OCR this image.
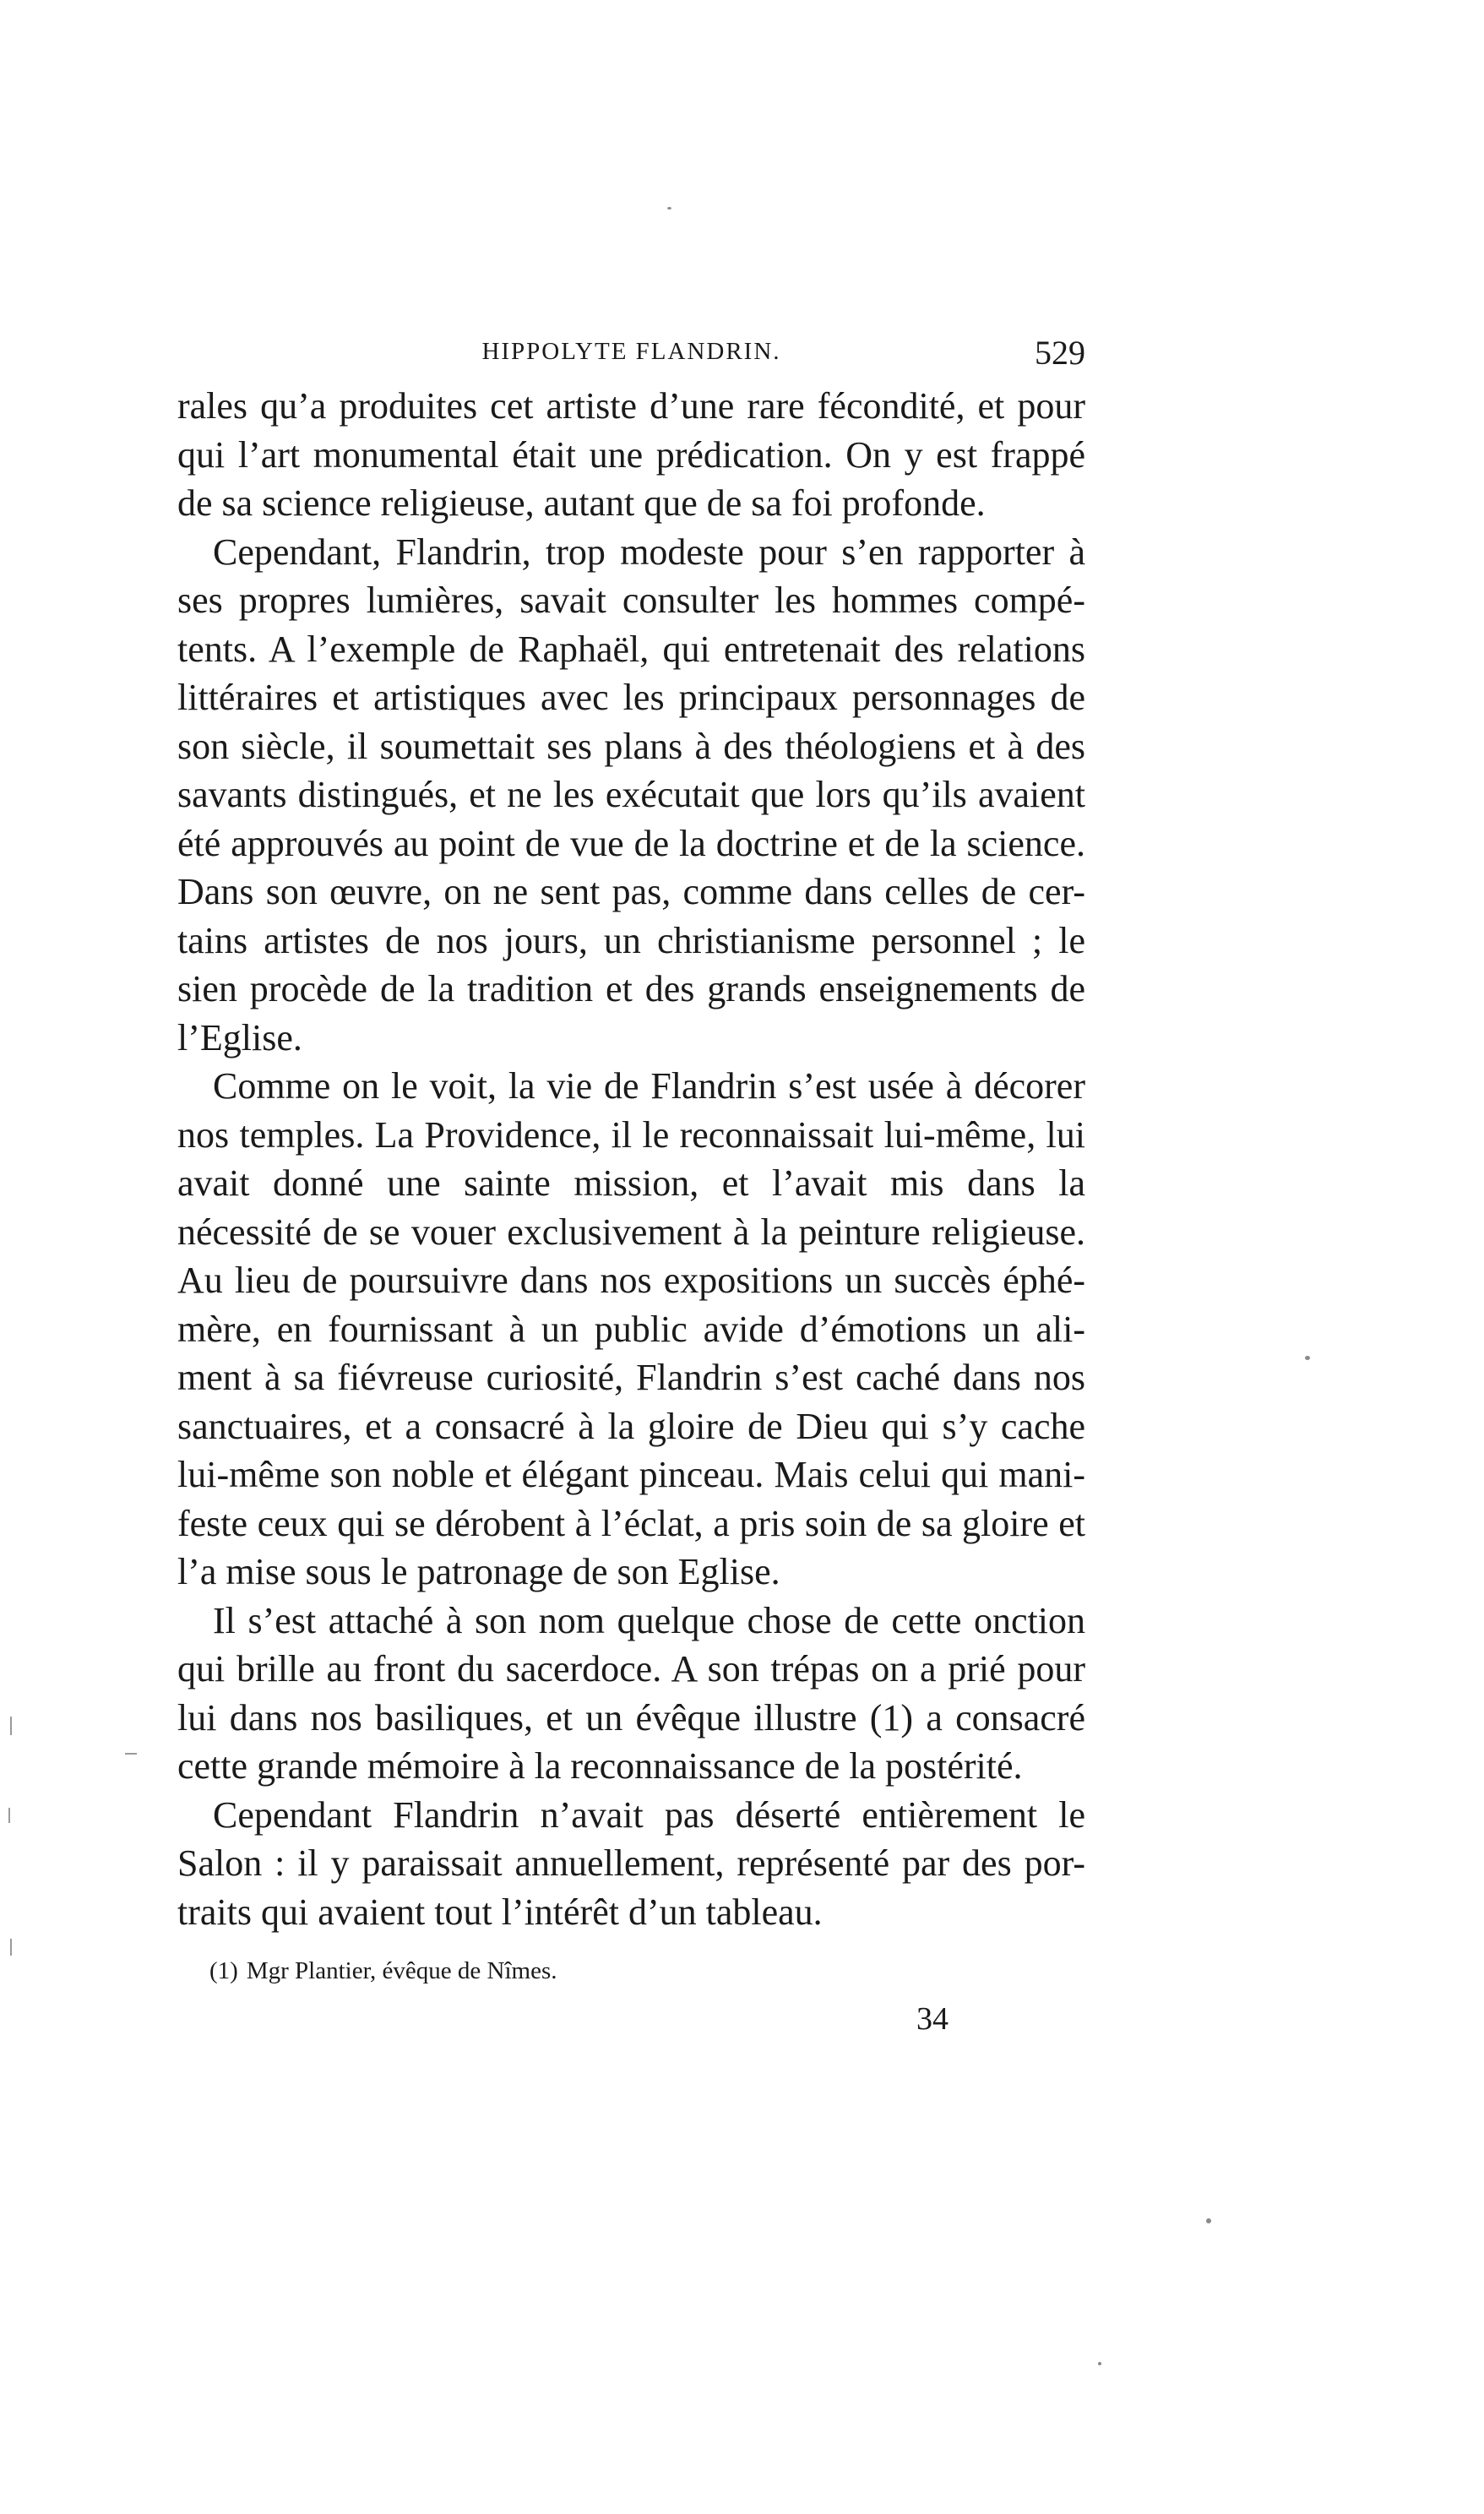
HIPPOLYTE FLANDRIN.	529

rales qu’a produites cet artiste d’une rare fécondité, et pour qui l’art monumental était une prédication. On y est frappé de sa science religieuse, autant que de sa foi profonde.

Cependant, Flandrin, trop modeste pour s’en rapporter à ses propres lumières, savait consulter les hommes compé-tents. A l’exemple de Raphaël, qui entretenait des relations littéraires et artistiques avec les principaux personnages de son siècle, il soumettait ses plans à des théologiens et à des savants distingués, et ne les exécutait que lors qu’ils avaient été approuvés au point de vue de la doctrine et de la science. Dans son œuvre, on ne sent pas, comme dans celles de cer-tains artistes de nos jours, un christianisme personnel ; le sien procède de la tradition et des grands enseignements de l’Eglise.

Comme on le voit, la vie de Flandrin s’est usée à décorer nos temples. La Providence, il le reconnaissait lui-même, lui avait donné une sainte mission, et l’avait mis dans la nécessité de se vouer exclusivement à la peinture religieuse. Au lieu de poursuivre dans nos expositions un succès éphé-mère, en fournissant à un public avide d’émotions un ali-ment à sa fiévreuse curiosité, Flandrin s’est caché dans nos sanctuaires, et a consacré à la gloire de Dieu qui s’y cache lui-même son noble et élégant pinceau. Mais celui qui mani-feste ceux qui se dérobent à l’éclat, a pris soin de sa gloire et l’a mise sous le patronage de son Eglise.

Il s’est attaché à son nom quelque chose de cette onction qui brille au front du sacerdoce. A son trépas on a prié pour lui dans nos basiliques, et un évêque illustre (1) a consacré cette grande mémoire à la reconnaissance de la postérité.

Cependant Flandrin n’avait pas déserté entièrement le Salon : il y paraissait annuellement, représenté par des por-traits qui avaient tout l’intérêt d’un tableau.

(1) Mgr Plantier, évêque de Nîmes.
34
